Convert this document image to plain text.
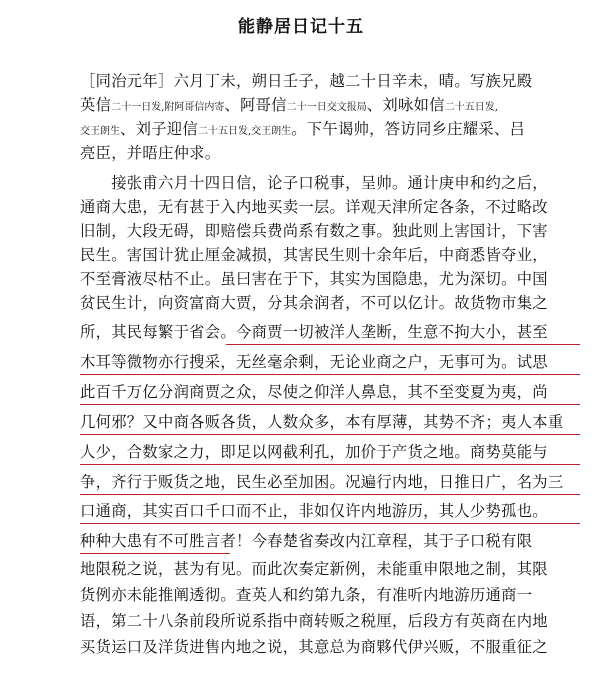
能静居日记十五
［同治元年］六月丁未，朔日壬子，越二十日辛未，晴。写族兄殿
英信二十一日发,附阿哥信内寄、阿哥信二十一日交文报局、刘咏如信二十五日发,
交王朗生、刘子迎信二十五日发,交王朗生。下午谒帅，答访同乡庄耀采、吕
亮臣，并晤庄仲求。
　　接张甫六月十四日信，论子口税事，呈帅。通计庚申和约之后，
通商大患，无有甚于入内地买卖一层。详观天津所定各条，不过略改
旧制，大段无碍，即赔偿兵费尚系有数之事。独此则上害国计，下害
民生。害国计犹止厘金减损，其害民生则十余年后，中商悉皆夺业，
不至膏液尽枯不止。虽曰害在于下，其实为国隐患，尤为深切。中国
贫民生计，向资富商大贾，分其余润者，不可以亿计。故货物市集之
所，其民每繁于省会。今商贾一切被洋人垄断，生意不拘大小，甚至
木耳等微物亦行搜采，无丝毫余剩，无论业商之户，无事可为。试思
此百千万亿分润商贾之众，尽使之仰洋人鼻息，其不至变夏为夷，尚
几何邪？又中商各贩各货，人数众多，本有厚薄，其势不齐；夷人本重
人少，合数家之力，即足以网截利孔，加价于产货之地。商势莫能与
争，齐行于贩货之地，民生必至加困。况遍行内地，日推日广，名为三
口通商，其实百口千口而不止，非如仅许内地游历，其人少势孤也。
种种大患有不可胜言者！今春楚省奏改内江章程，其于子口税有限
地限税之说，甚为有见。而此次奏定新例，未能重申限地之制，其限
货例亦未能推阐透彻。查英人和约第九条，有准听内地游历通商一
语，第二十八条前段所说系指中商转贩之税厘，后段方有英商在内地
买货运口及洋货进售内地之说，其意总为商夥代伊兴贩，不服重征之
